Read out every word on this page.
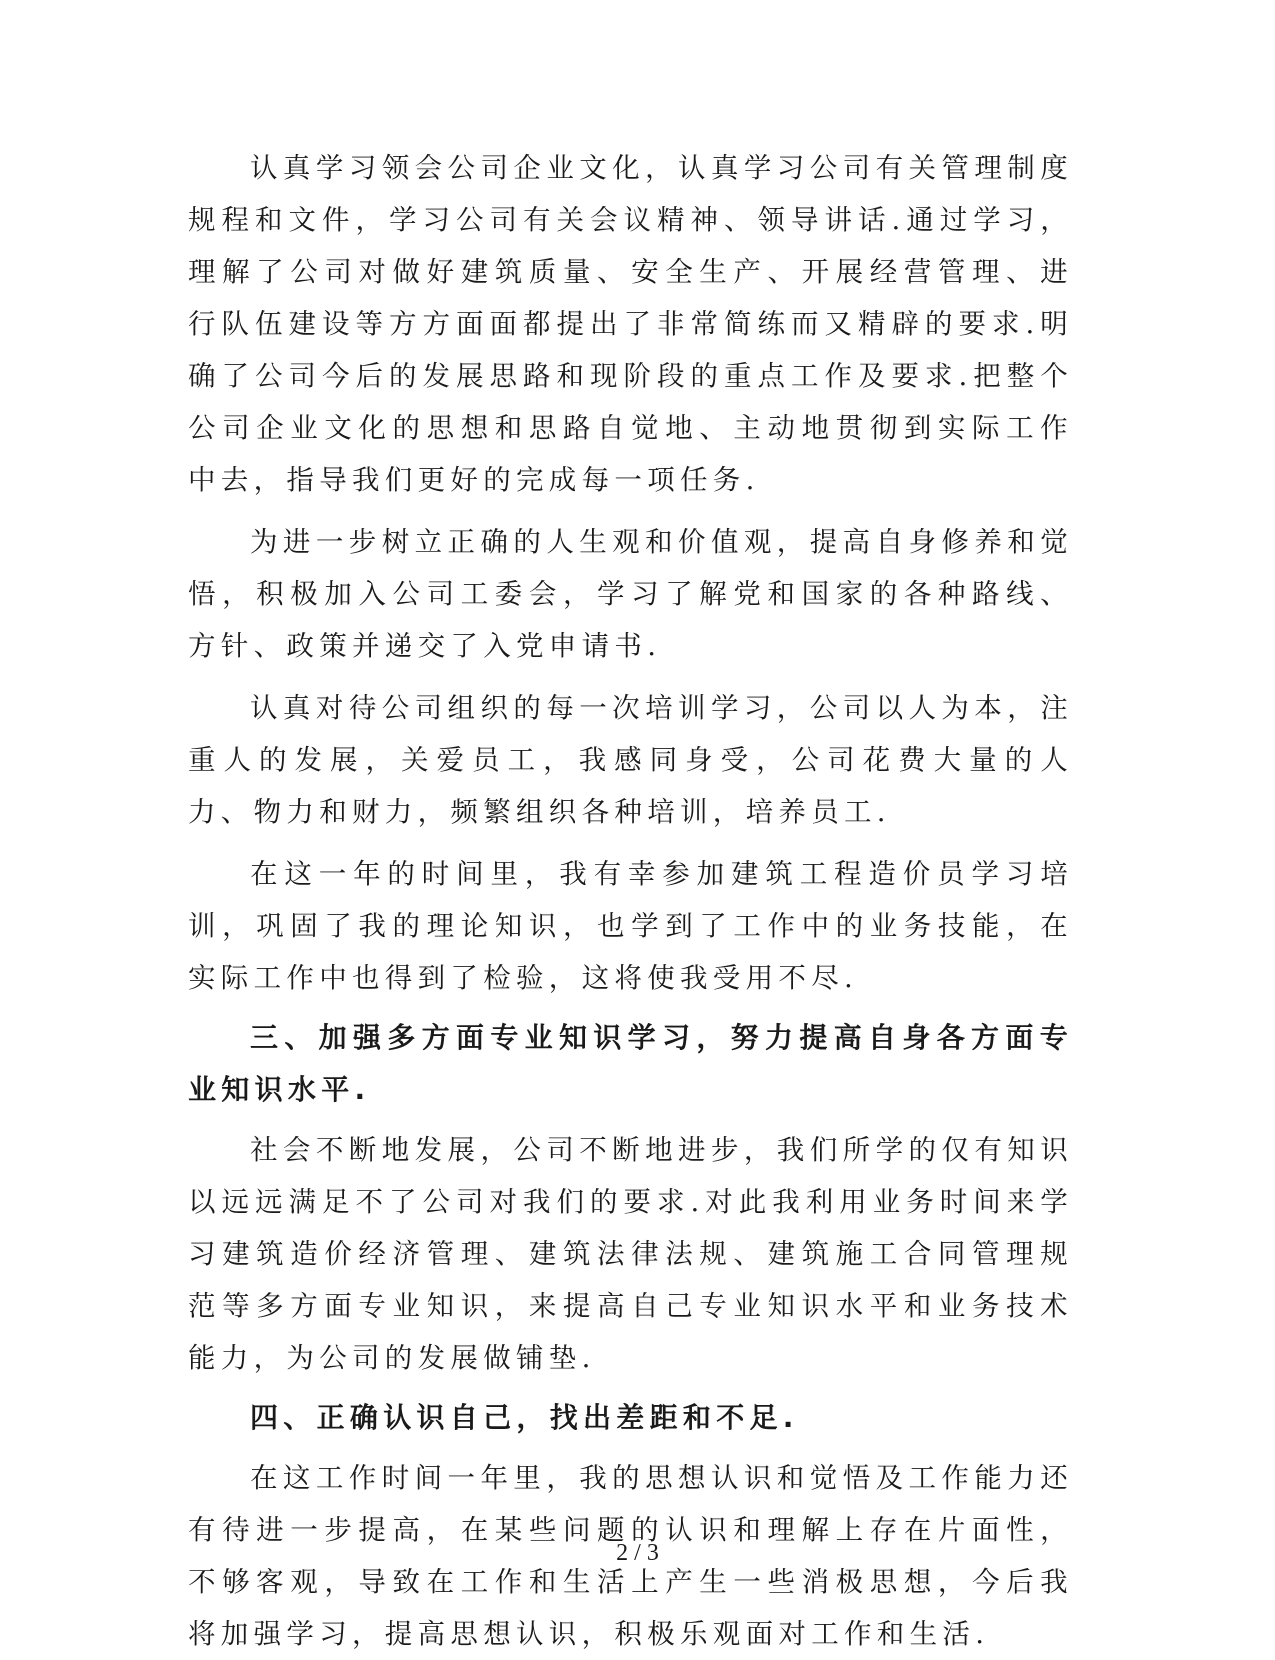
认真学习领会公司企业文化，认真学习公司有关管理制度规程和文件，学习公司有关会议精神、领导讲话.通过学习，理解了公司对做好建筑质量、安全生产、开展经营管理、进行队伍建设等方方面面都提出了非常简练而又精辟的要求.明确了公司今后的发展思路和现阶段的重点工作及要求.把整个公司企业文化的思想和思路自觉地、主动地贯彻到实际工作中去，指导我们更好的完成每一项任务.

为进一步树立正确的人生观和价值观，提高自身修养和觉悟，积极加入公司工委会，学习了解党和国家的各种路线、方针、政策并递交了入党申请书.

认真对待公司组织的每一次培训学习，公司以人为本，注重人的发展，关爱员工，我感同身受，公司花费大量的人力、物力和财力，频繁组织各种培训，培养员工.

在这一年的时间里，我有幸参加建筑工程造价员学习培训，巩固了我的理论知识，也学到了工作中的业务技能，在实际工作中也得到了检验，这将使我受用不尽.

三、加强多方面专业知识学习，努力提高自身各方面专业知识水平.

社会不断地发展，公司不断地进步，我们所学的仅有知识以远远满足不了公司对我们的要求.对此我利用业务时间来学习建筑造价经济管理、建筑法律法规、建筑施工合同管理规范等多方面专业知识，来提高自己专业知识水平和业务技术能力，为公司的发展做铺垫.

四、正确认识自己，找出差距和不足.

在这工作时间一年里，我的思想认识和觉悟及工作能力还有待进一步提高，在某些问题的认识和理解上存在片面性，不够客观，导致在工作和生活上产生一些消极思想，今后我将加强学习，提高思想认识，积极乐观面对工作和生活.

2 / 3
